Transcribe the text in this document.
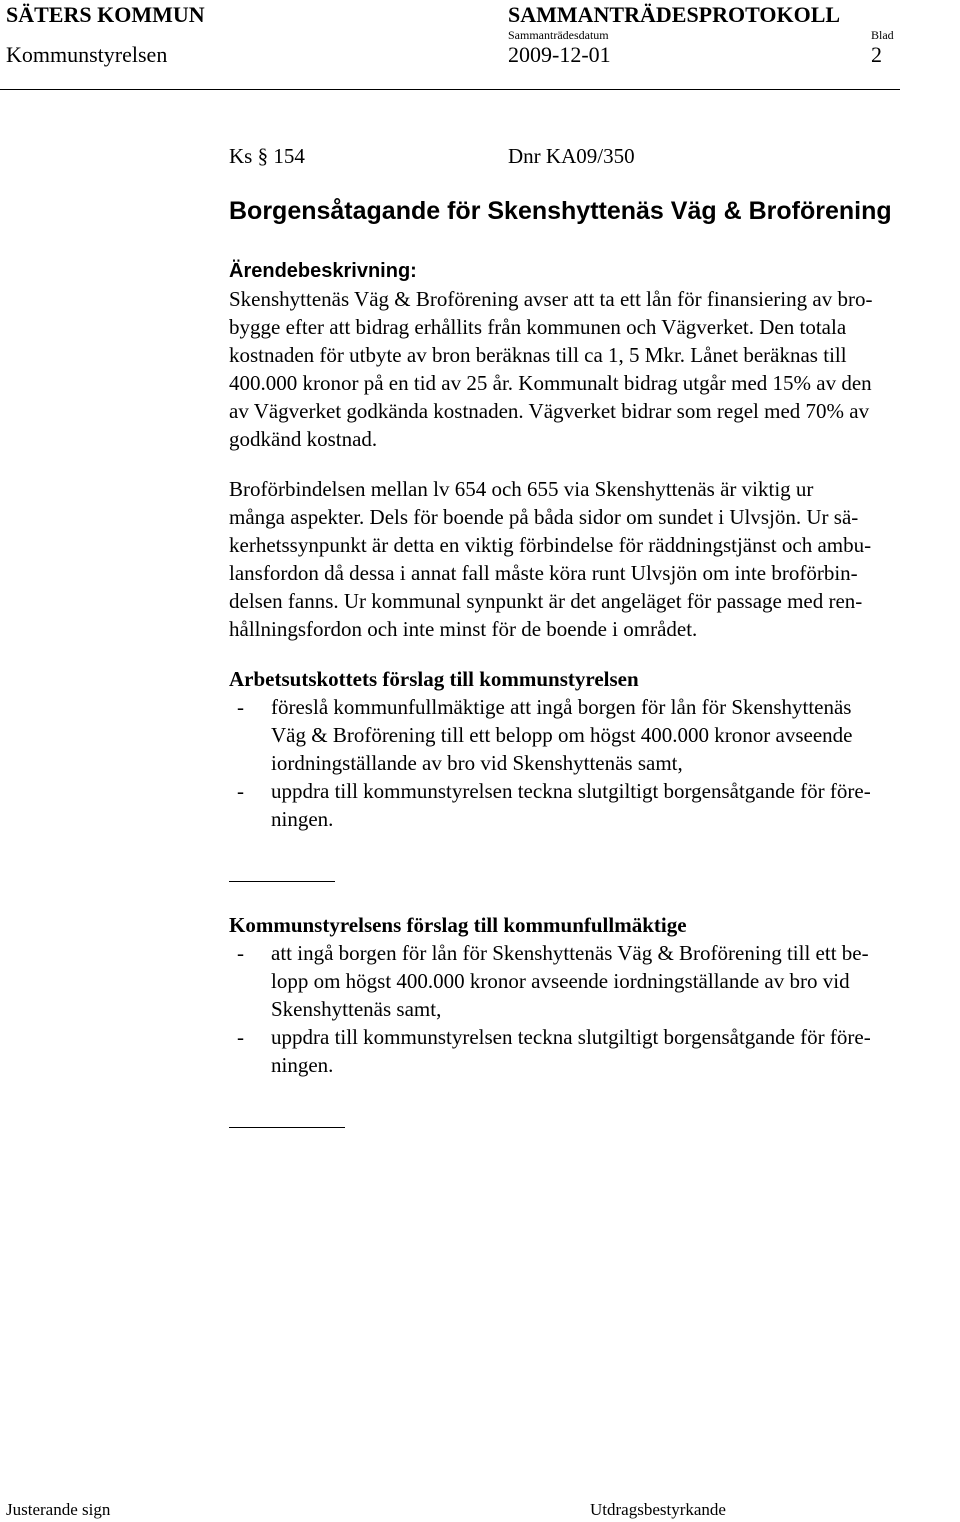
SÄTERS KOMMUN	SAMMANTRÄDESPROTOKOLL
Sammanträdesdatum	Blad
Kommunstyrelsen	2009-12-01	2
Ks § 154	Dnr KA09/350
Borgensåtagande för Skenshyttenäs Väg & Broförening
Ärendebeskrivning:
Skenshyttenäs Väg & Broförening avser att ta ett lån för finansiering av bro-
bygge efter att bidrag erhållits från kommunen och Vägverket. Den totala
kostnaden för utbyte av bron beräknas till ca 1, 5 Mkr. Lånet beräknas till
400.000 kronor på en tid av 25 år. Kommunalt bidrag utgår med 15% av den
av Vägverket godkända kostnaden. Vägverket bidrar som regel med 70% av
godkänd kostnad.
Broförbindelsen mellan lv 654 och 655 via Skenshyttenäs är viktig ur
många aspekter. Dels för boende på båda sidor om sundet i Ulvsjön. Ur sä-
kerhetssynpunkt är detta en viktig förbindelse för räddningstjänst och ambu-
lansfordon då dessa i annat fall måste köra runt Ulvsjön om inte broförbin-
delsen fanns. Ur kommunal synpunkt är det angeläget för passage med ren-
hållningsfordon och inte minst för de boende i området.
Arbetsutskottets förslag till kommunstyrelsen
- föreslå kommunfullmäktige att ingå borgen för lån för Skenshyttenäs
Väg & Broförening till ett belopp om högst 400.000 kronor avseende
iordningställande av bro vid Skenshyttenäs samt,
- uppdra till kommunstyrelsen teckna slutgiltigt borgensåtgande för före-
ningen.
Kommunstyrelsens förslag till kommunfullmäktige
- att ingå borgen för lån för Skenshyttenäs Väg & Broförening till ett be-
lopp om högst 400.000 kronor avseende iordningställande av bro vid
Skenshyttenäs samt,
- uppdra till kommunstyrelsen teckna slutgiltigt borgensåtgande för före-
ningen.
Justerande sign	Utdragsbestyrkande
